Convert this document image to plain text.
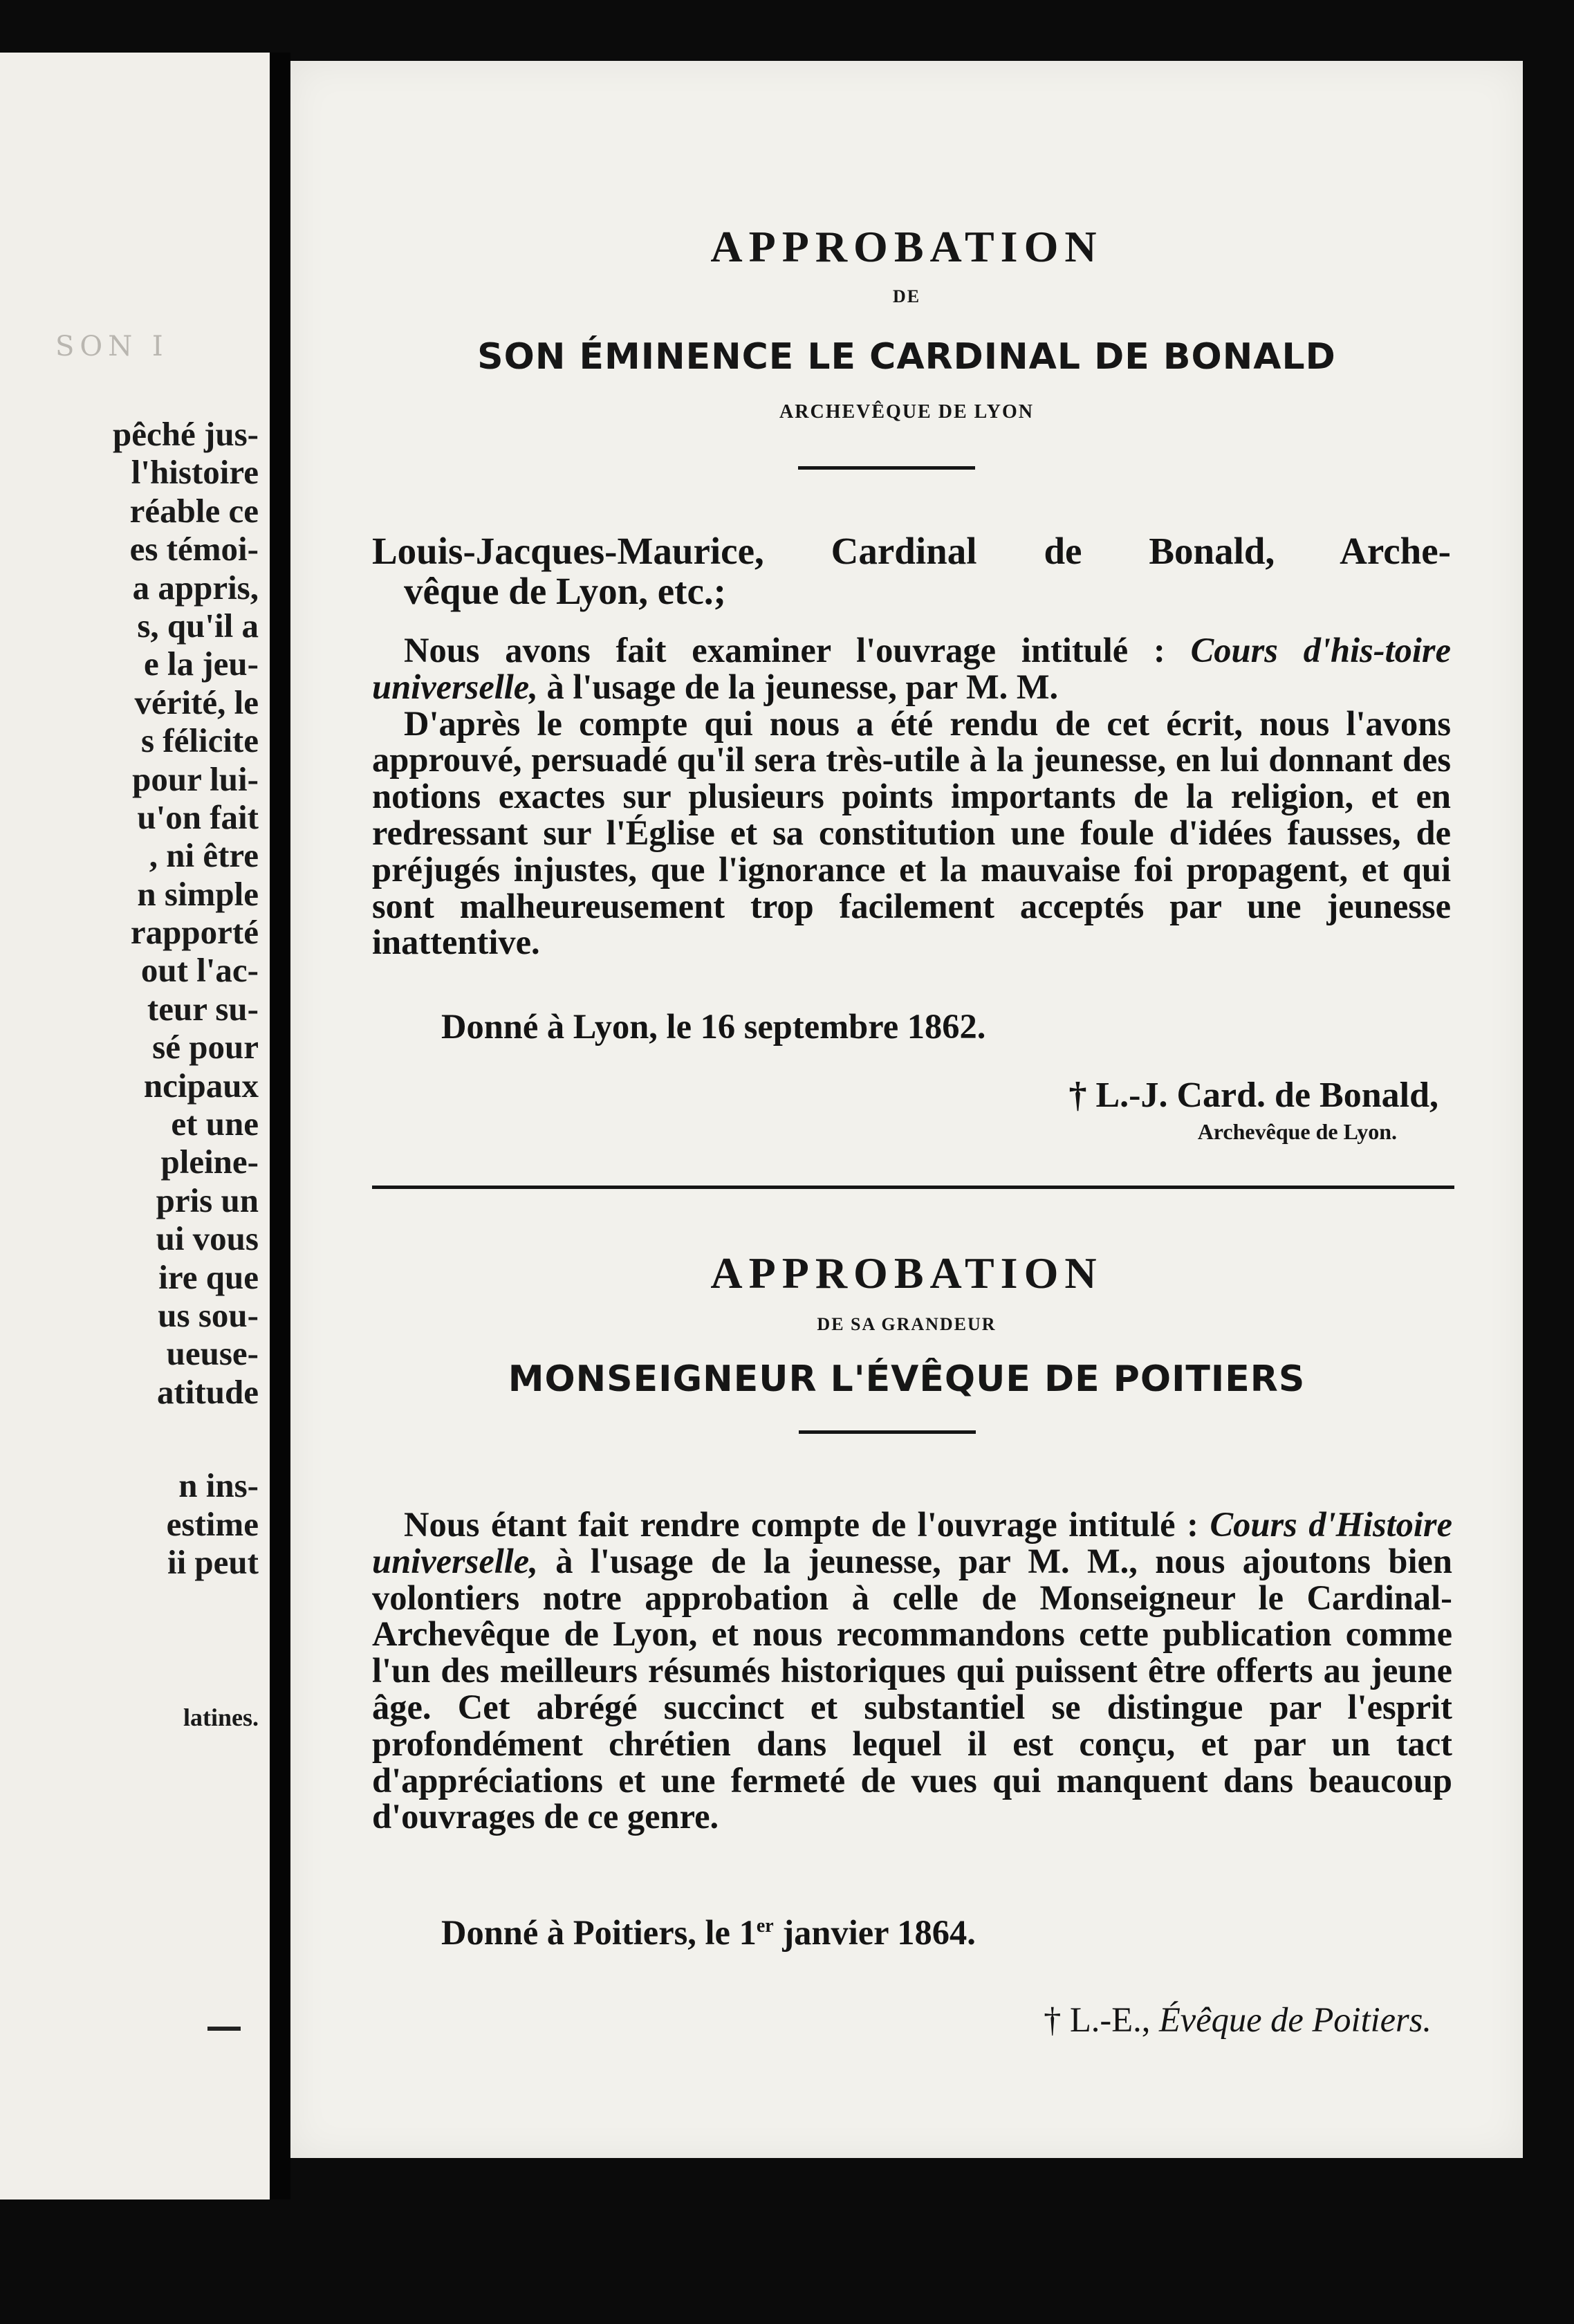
SON I
pêché jus-
l'histoire
réable ce
es témoi-
a appris,
s, qu'il a
e la jeu-
vérité, le
s félicite
pour lui-
u'on fait
, ni être
n simple
rapporté
out l'ac-
teur su-
sé pour
ncipaux
et une
pleine-
pris un
ui vous
ire que
us sou-
ueuse-
atitude
n ins-
estime
ii peut
latines.
APPROBATION
DE
SON ÉMINENCE LE CARDINAL DE BONALD
ARCHEVÊQUE DE LYON
Louis-Jacques-Maurice, Cardinal de Bonald, Arche-
vêque de Lyon, etc.;

Nous avons fait examiner l'ouvrage intitulé : Cours d'his-toire universelle, à l'usage de la jeunesse, par M. M.

D'après le compte qui nous a été rendu de cet écrit, nous l'avons approuvé, persuadé qu'il sera très-utile à la jeunesse, en lui donnant des notions exactes sur plusieurs points importants de la religion, et en redressant sur l'Église et sa constitution une foule d'idées fausses, de préjugés injustes, que l'ignorance et la mauvaise foi propagent, et qui sont malheureusement trop facilement acceptés par une jeunesse inattentive.

Donné à Lyon, le 16 septembre 1862.
† L.-J. Card. de Bonald,
Archevêque de Lyon.
APPROBATION
DE SA GRANDEUR
MONSEIGNEUR L'ÉVÊQUE DE POITIERS

Nous étant fait rendre compte de l'ouvrage intitulé : Cours d'Histoire universelle, à l'usage de la jeunesse, par M. M., nous ajoutons bien volontiers notre approbation à celle de Monseigneur le Cardinal-Archevêque de Lyon, et nous recommandons cette publication comme l'un des meilleurs résumés historiques qui puissent être offerts au jeune âge. Cet abrégé succinct et substantiel se distingue par l'esprit profondément chrétien dans lequel il est conçu, et par un tact d'appréciations et une fermeté de vues qui manquent dans beaucoup d'ouvrages de ce genre.

Donné à Poitiers, le 1er janvier 1864.
† L.-E., Évêque de Poitiers.
